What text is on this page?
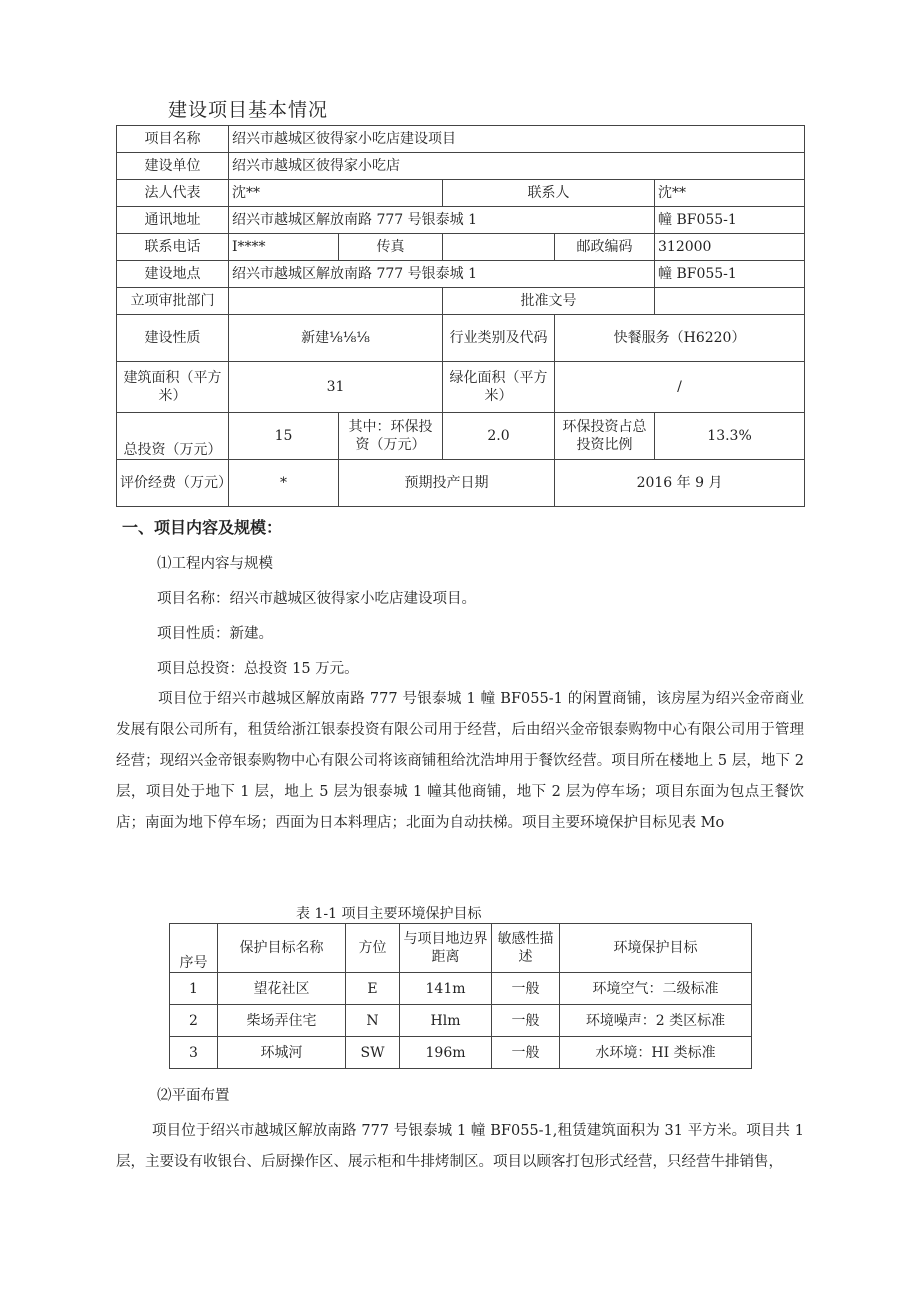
建设项目基本情况
项目名称	绍兴市越城区彼得家小吃店建设项目				
建设单位	绍兴市越城区彼得家小吃店				
法人代表	沈**		联系人		沈**
通讯地址	绍兴市越城区解放南路 777 号银泰城 1				幢 BF055-1
联系电话	I****	传真		邮政编码	312000
建设地点	绍兴市越城区解放南路 777 号银泰城 1				幢 BF055-1
立项审批部门			批准文号		
建设性质	新建⅛⅛⅛		行业类别及代码	快餐服务（H6220）	
建筑面积（平方米）	31		绿化面积（平方米）	/	
总投资（万元）	15	其中：环保投资（万元）	2.0	环保投资占总投资比例	13.3%
评价经费（万元）	*	预期投产日期		2016 年 9 月	
一、项目内容及规模：
⑴工程内容与规模
项目名称：绍兴市越城区彼得家小吃店建设项目。
项目性质：新建。
项目总投资：总投资 15 万元。
项目位于绍兴市越城区解放南路 777 号银泰城 1 幢 BF055-1 的闲置商铺，该房屋为绍兴金帝商业发展有限公司所有，租赁给浙江银泰投资有限公司用于经营，后由绍兴金帝银泰购物中心有限公司用于管理经营；现绍兴金帝银泰购物中心有限公司将该商铺租给沈浩坤用于餐饮经营。项目所在楼地上 5 层，地下 2 层，项目处于地下 1 层，地上 5 层为银泰城 1 幢其他商铺，地下 2 层为停车场；项目东面为包点王餐饮店；南面为地下停车场；西面为日本料理店；北面为自动扶梯。项目主要环境保护目标见表 Mo
表 1-1 项目主要环境保护目标
序号	保护目标名称	方位	与项目地边界距离	敏感性描述	环境保护目标
1	望花社区	E	141m	一般	环境空气：二级标准
2	柴场弄住宅	N	Hlm	一般	环境噪声：2 类区标准
3	环城河	SW	196m	一般	水环境：HI 类标准
⑵平面布置
项目位于绍兴市越城区解放南路 777 号银泰城 1 幢 BF055-1,租赁建筑面积为 31 平方米。项目共 1 层，主要设有收银台、后厨操作区、展示柜和牛排烤制区。项目以顾客打包形式经营，只经营牛排销售，
